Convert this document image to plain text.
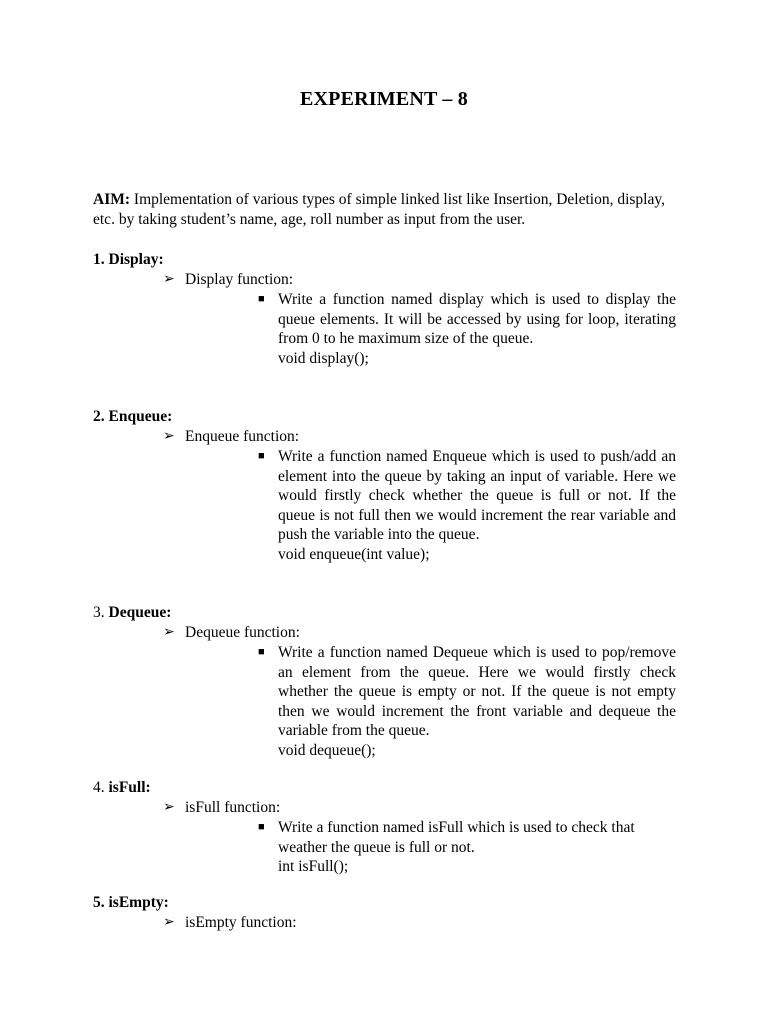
EXPERIMENT – 8
AIM: Implementation of various types of simple linked list like Insertion, Deletion, display, etc. by taking student’s name, age, roll number as input from the user.
1. Display:
➢ Display function:
■ Write a function named display which is used to display the queue elements. It will be accessed by using for loop, iterating from 0 to he maximum size of the queue.
void display();
2. Enqueue:
➢ Enqueue function:
■ Write a function named Enqueue which is used to push/add an element into the queue by taking an input of variable. Here we would firstly check whether the queue is full or not. If the queue is not full then we would increment the rear variable and push the variable into the queue.
void enqueue(int value);
3. Dequeue:
➢ Dequeue function:
■ Write a function named Dequeue which is used to pop/remove an element from the queue. Here we would firstly check whether the queue is empty or not. If the queue is not empty then we would increment the front variable and dequeue the variable from the queue.
void dequeue();
4. isFull:
➢ isFull function:
■ Write a function named isFull which is used to check that weather the queue is full or not.
int isFull();
5. isEmpty:
➢ isEmpty function:
